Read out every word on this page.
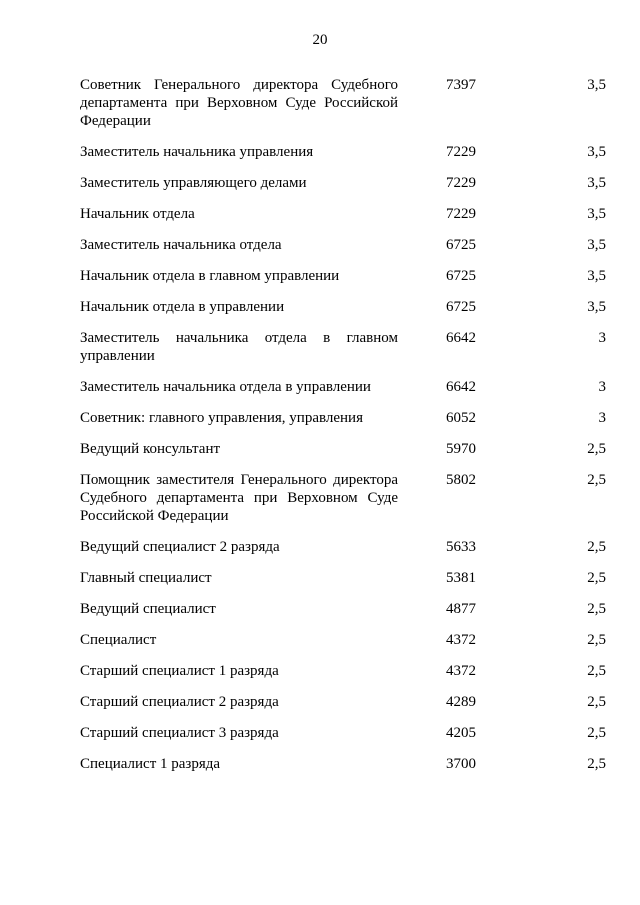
20
Советник Генерального директора Судебного департамента при Верховном Суде Российской Федерации	7397	3,5
Заместитель начальника управления	7229	3,5
Заместитель управляющего делами	7229	3,5
Начальник отдела	7229	3,5
Заместитель начальника отдела	6725	3,5
Начальник отдела в главном управлении	6725	3,5
Начальник отдела в управлении	6725	3,5
Заместитель начальника отдела в главном управлении	6642	3
Заместитель начальника отдела в управлении	6642	3
Советник: главного управления, управления	6052	3
Ведущий консультант	5970	2,5
Помощник заместителя Генерального директора Судебного департамента при Верховном Суде Российской Федерации	5802	2,5
Ведущий специалист 2 разряда	5633	2,5
Главный специалист	5381	2,5
Ведущий специалист	4877	2,5
Специалист	4372	2,5
Старший специалист 1 разряда	4372	2,5
Старший специалист 2 разряда	4289	2,5
Старший специалист 3 разряда	4205	2,5
Специалист 1 разряда	3700	2,5
